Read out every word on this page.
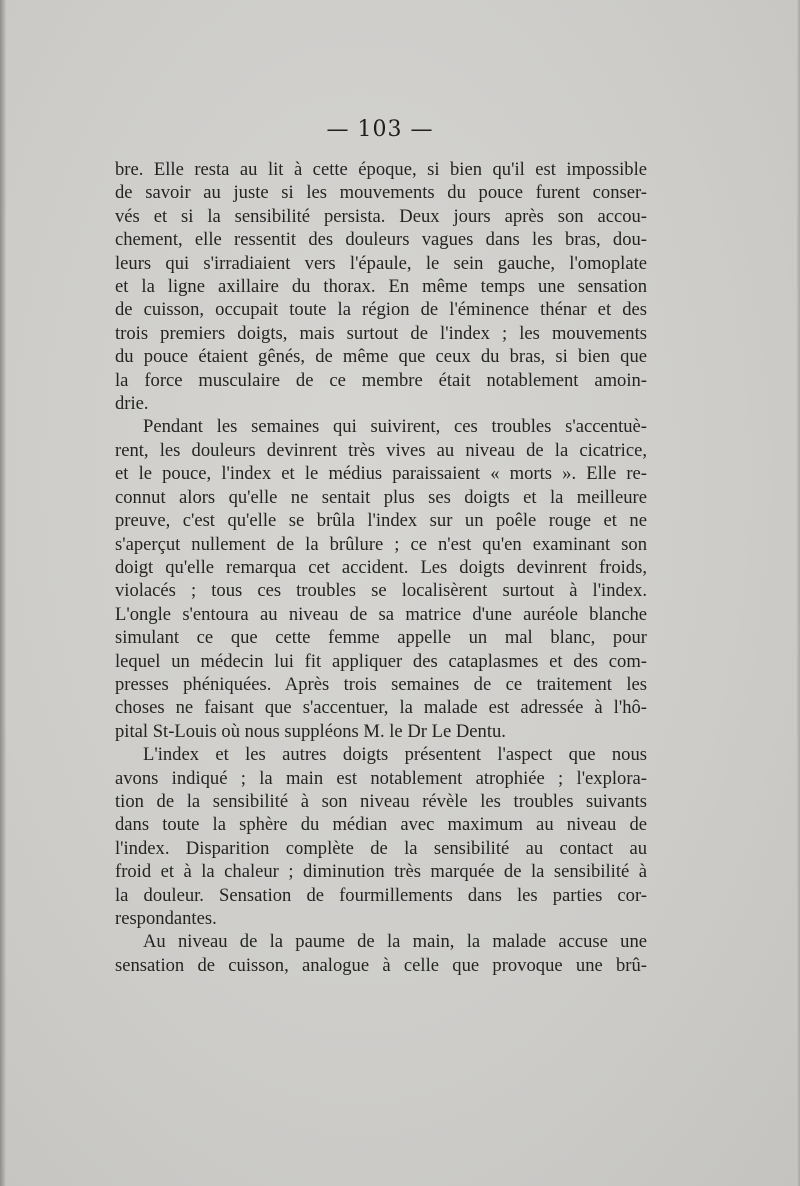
— 103 —
bre. Elle resta au lit à cette époque, si bien qu'il est impossible
de savoir au juste si les mouvements du pouce furent conser-
vés et si la sensibilité persista. Deux jours après son accou-
chement, elle ressentit des douleurs vagues dans les bras, dou-
leurs qui s'irradiaient vers l'épaule, le sein gauche, l'omoplate
et la ligne axillaire du thorax. En même temps une sensation
de cuisson, occupait toute la région de l'éminence thénar et des
trois premiers doigts, mais surtout de l'index ; les mouvements
du pouce étaient gênés, de même que ceux du bras, si bien que
la force musculaire de ce membre était notablement amoin-
drie.
Pendant les semaines qui suivirent, ces troubles s'accentuè-
rent, les douleurs devinrent très vives au niveau de la cicatrice,
et le pouce, l'index et le médius paraissaient « morts ». Elle re-
connut alors qu'elle ne sentait plus ses doigts et la meilleure
preuve, c'est qu'elle se brûla l'index sur un poêle rouge et ne
s'aperçut nullement de la brûlure ; ce n'est qu'en examinant son
doigt qu'elle remarqua cet accident. Les doigts devinrent froids,
violacés ; tous ces troubles se localisèrent surtout à l'index.
L'ongle s'entoura au niveau de sa matrice d'une auréole blanche
simulant ce que cette femme appelle un mal blanc, pour
lequel un médecin lui fit appliquer des cataplasmes et des com-
presses phéniquées. Après trois semaines de ce traitement les
choses ne faisant que s'accentuer, la malade est adressée à l'hô-
pital St-Louis où nous suppléons M. le Dr Le Dentu.
L'index et les autres doigts présentent l'aspect que nous
avons indiqué ; la main est notablement atrophiée ; l'explora-
tion de la sensibilité à son niveau révèle les troubles suivants
dans toute la sphère du médian avec maximum au niveau de
l'index. Disparition complète de la sensibilité au contact au
froid et à la chaleur ; diminution très marquée de la sensibilité à
la douleur. Sensation de fourmillements dans les parties cor-
respondantes.
Au niveau de la paume de la main, la malade accuse une
sensation de cuisson, analogue à celle que provoque une brû-
